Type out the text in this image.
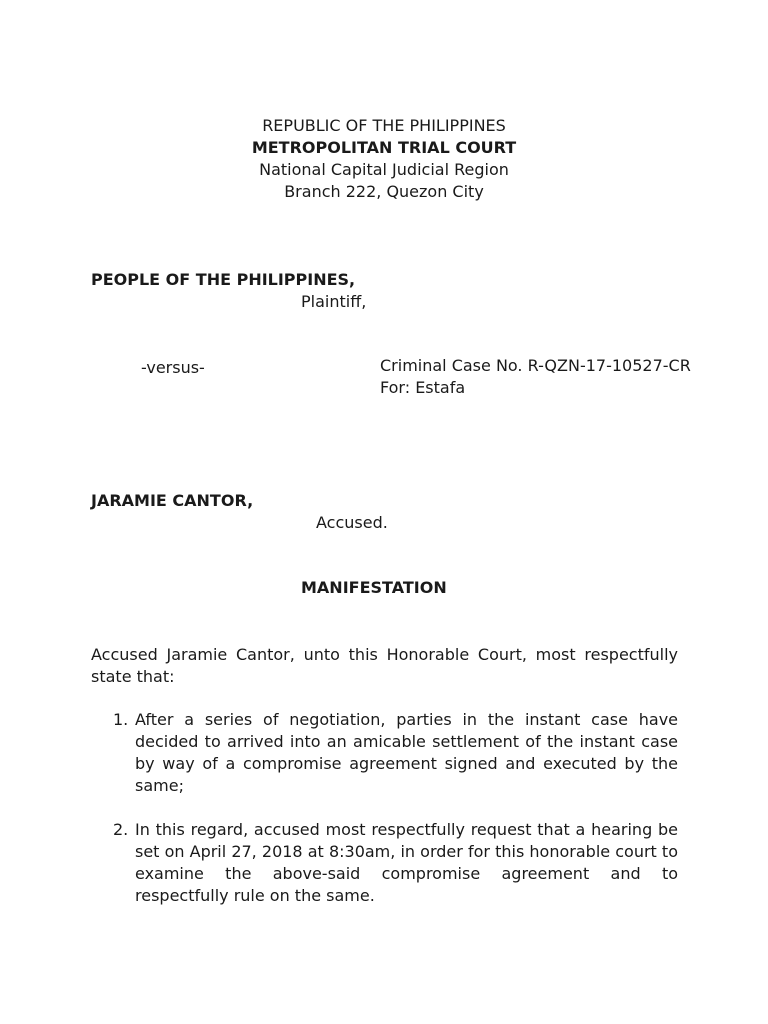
REPUBLIC OF THE PHILIPPINES
METROPOLITAN TRIAL COURT
National Capital Judicial Region
Branch 222, Quezon City
PEOPLE OF THE PHILIPPINES,
Plaintiff,
-versus-	Criminal Case No. R-QZN-17-10527-CR
For: Estafa
JARAMIE CANTOR,
Accused.
MANIFESTATION

Accused Jaramie Cantor, unto this Honorable Court, most respectfully state that:

1. After a series of negotiation, parties in the instant case have decided to arrived into an amicable settlement of the instant case by way of a compromise agreement signed and executed by the same;
2. In this regard, accused most respectfully request that a hearing be set on April 27, 2018 at 8:30am, in order for this honorable court to examine the above-said compromise agreement and to respectfully rule on the same.
